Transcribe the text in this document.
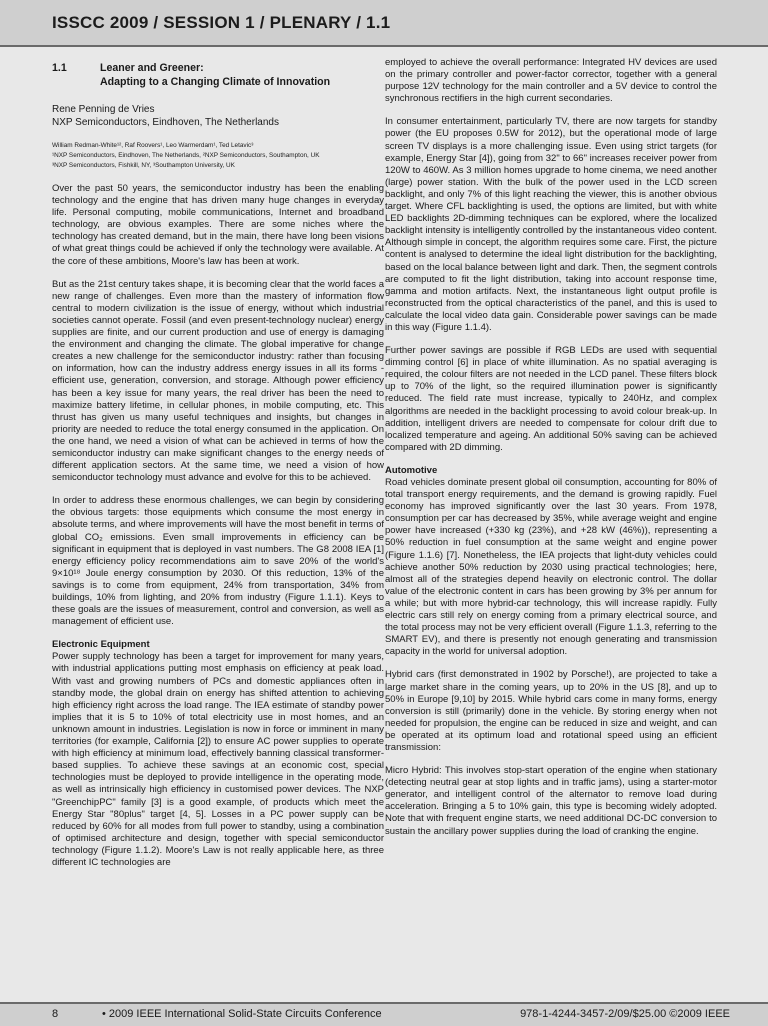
ISSCC 2009 / SESSION 1 / PLENARY / 1.1
1.1	Leaner and Greener:
Adapting to a Changing Climate of Innovation
Rene Penning de Vries
NXP Semiconductors, Eindhoven, The Netherlands
William Redman-White¹², Raf Roovers¹, Leo Warmerdam¹, Ted Letavic³
¹NXP Semiconductors, Eindhoven, The Netherlands, ²NXP Semiconductors, Southampton, UK
³NXP Semiconductors, Fishkill, NY, ³Southampton University, UK

Over the past 50 years, the semiconductor industry has been the enabling technology and the engine that has driven many huge changes in everyday life. Personal computing, mobile communications, Internet and broadband technology, are obvious examples. There are some niches where the technology has created demand, but in the main, there have long been visions of what great things could be achieved if only the technology were available. At the core of these ambitions, Moore's law has been at work.

But as the 21st century takes shape, it is becoming clear that the world faces a new range of challenges. Even more than the mastery of information flow central to modern civilization is the issue of energy, without which industrial societies cannot operate. Fossil (and even present-technology nuclear) energy supplies are finite, and our current production and use of energy is damaging the environment and changing the climate. The global imperative for change creates a new challenge for the semiconductor industry: rather than focusing on information, how can the industry address energy issues in all its forms - efficient use, generation, conversion, and storage. Although power efficiency has been a key issue for many years, the real driver has been the need to maximize battery lifetime, in cellular phones, in mobile computing, etc. This thrust has given us many useful techniques and insights, but changes in priority are needed to reduce the total energy consumed in the application. On the one hand, we need a vision of what can be achieved in terms of how the semiconductor industry can make significant changes to the energy needs of different application sectors. At the same time, we need a vision of how semiconductor technology must advance and evolve for this to be achieved.

In order to address these enormous challenges, we can begin by considering the obvious targets: those equipments which consume the most energy in absolute terms, and where improvements will have the most benefit in terms of global CO₂ emissions. Even small improvements in efficiency can be significant in equipment that is deployed in vast numbers. The G8 2008 IEA [1] energy efficiency policy recommendations aim to save 20% of the world's 9×10¹⁸ Joule energy consumption by 2030. Of this reduction, 13% of the savings is to come from equipment, 24% from transportation, 34% from buildings, 10% from lighting, and 20% from industry (Figure 1.1.1). Keys to these goals are the issues of measurement, control and conversion, as well as management of efficient use.

Electronic Equipment

Power supply technology has been a target for improvement for many years, with industrial applications putting most emphasis on efficiency at peak load. With vast and growing numbers of PCs and domestic appliances often in standby mode, the global drain on energy has shifted attention to achieving high efficiency right across the load range. The IEA estimate of standby power implies that it is 5 to 10% of total electricity use in most homes, and an unknown amount in industries. Legislation is now in force or imminent in many territories (for example, California [2]) to ensure AC power supplies to operate with high efficiency at minimum load, effectively banning classical transformer-based supplies. To achieve these savings at an economic cost, special technologies must be deployed to provide intelligence in the operating mode, as well as intrinsically high efficiency in customised power devices. The NXP "GreenchipPC" family [3] is a good example, of products which meet the Energy Star "80plus" target [4, 5]. Losses in a PC power supply can be reduced by 60% for all modes from full power to standby, using a combination of optimised architecture and design, together with special semiconductor technology (Figure 1.1.2). Moore's Law is not really applicable here, as three different IC technologies are

employed to achieve the overall performance: Integrated HV devices are used on the primary controller and power-factor corrector, together with a general purpose 12V technology for the main controller and a 5V device to control the synchronous rectifiers in the high current secondaries.

In consumer entertainment, particularly TV, there are now targets for standby power (the EU proposes 0.5W for 2012), but the operational mode of large screen TV displays is a more challenging issue. Even using strict targets (for example, Energy Star [4]), going from 32" to 66" increases receiver power from 120W to 460W. As 3 million homes upgrade to home cinema, we need another (large) power station. With the bulk of the power used in the LCD screen backlight, and only 7% of this light reaching the viewer, this is another obvious target. Where CFL backlighting is used, the options are limited, but with white LED backlights 2D-dimming techniques can be explored, where the localized backlight intensity is intelligently controlled by the instantaneous video content. Although simple in concept, the algorithm requires some care. First, the picture content is analysed to determine the ideal light distribution for the backlighting, based on the local balance between light and dark. Then, the segment controls are computed to fit the light distribution, taking into account response time, gamma and motion artifacts. Next, the instantaneous light output profile is reconstructed from the optical characteristics of the panel, and this is used to calculate the local video data gain. Considerable power savings can be made in this way (Figure 1.1.4).

Further power savings are possible if RGB LEDs are used with sequential dimming control [6] in place of white illumination. As no spatial averaging is required, the colour filters are not needed in the LCD panel. These filters block up to 70% of the light, so the required illumination power is significantly reduced. The field rate must increase, typically to 240Hz, and complex algorithms are needed in the backlight processing to avoid colour break-up. In addition, intelligent drivers are needed to compensate for colour drift due to localized temperature and ageing. An additional 50% saving can be achieved compared with 2D dimming.

Automotive

Road vehicles dominate present global oil consumption, accounting for 80% of total transport energy requirements, and the demand is growing rapidly. Fuel economy has improved significantly over the last 30 years. From 1978, consumption per car has decreased by 35%, while average weight and engine power have increased (+330 kg (23%), and +28 kW (46%)), representing a 50% reduction in fuel consumption at the same weight and engine power (Figure 1.1.6) [7]. Nonetheless, the IEA projects that light-duty vehicles could achieve another 50% reduction by 2030 using practical technologies; here, almost all of the strategies depend heavily on electronic control. The dollar value of the electronic content in cars has been growing by 3% per annum for a while; but with more hybrid-car technology, this will increase rapidly. Fully electric cars still rely on energy coming from a primary electrical source, and the total process may not be very efficient overall (Figure 1.1.3, referring to the SMART EV), and there is presently not enough generating and transmission capacity in the world for universal adoption.

Hybrid cars (first demonstrated in 1902 by Porsche!), are projected to take a large market share in the coming years, up to 20% in the US [8], and up to 50% in Europe [9,10] by 2015. While hybrid cars come in many forms, energy conversion is still (primarily) done in the vehicle. By storing energy when not needed for propulsion, the engine can be reduced in size and weight, and can be operated at its optimum load and rotational speed using an efficient transmission:

Micro Hybrid: This involves stop-start operation of the engine when stationary (detecting neutral gear at stop lights and in traffic jams), using a starter-motor generator, and intelligent control of the alternator to remove load during acceleration. Bringing a 5 to 10% gain, this type is becoming widely adopted. Note that with frequent engine starts, we need additional DC-DC conversion to sustain the ancillary power supplies during the load of cranking the engine.

8	• 2009 IEEE International Solid-State Circuits Conference	978-1-4244-3457-2/09/$25.00 ©2009 IEEE
